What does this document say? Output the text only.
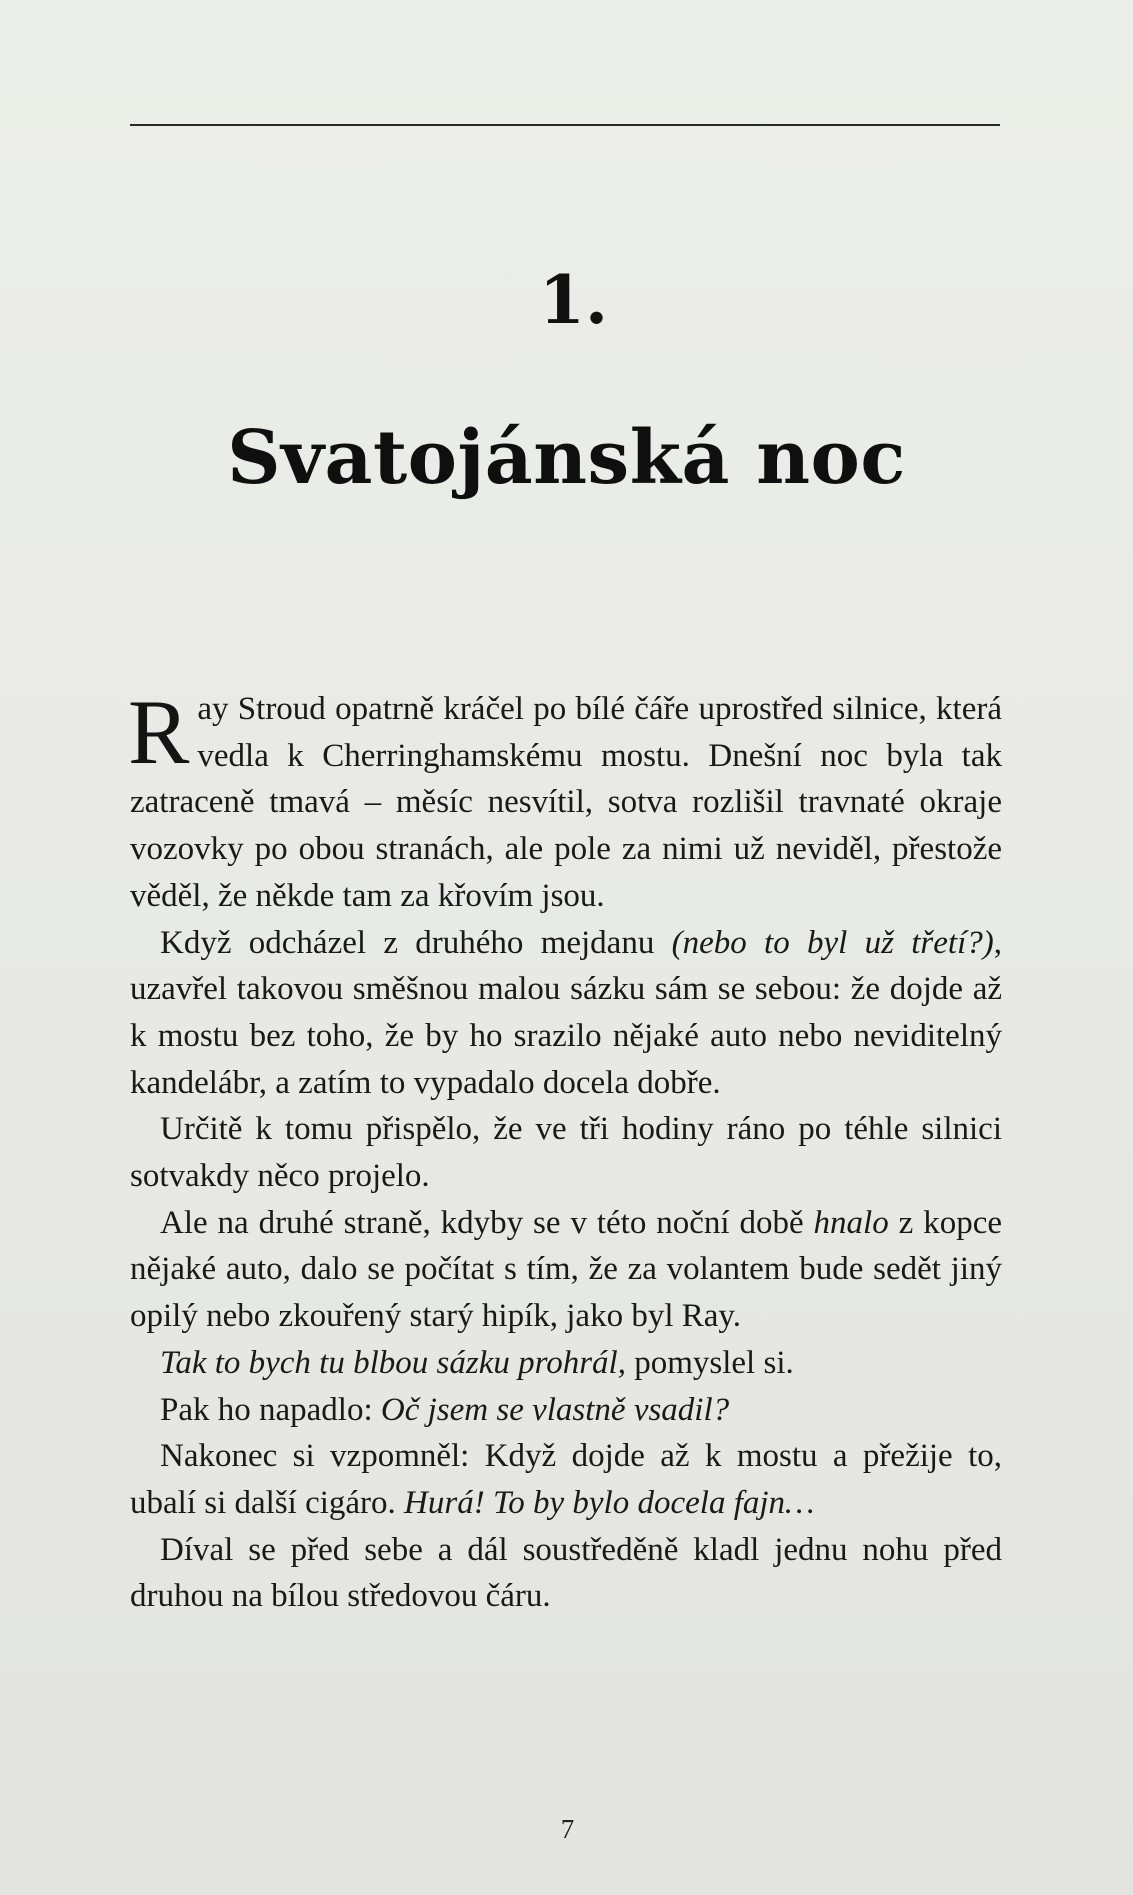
1.
Svatojánská noc

Ray Stroud opatrně kráčel po bílé čáře uprostřed silnice, která vedla k Cherringhamskému mostu. Dnešní noc byla tak zatraceně tmavá – měsíc nesvítil, sotva rozlišil travnaté okraje vozovky po obou stranách, ale pole za nimi už neviděl, přestože věděl, že někde tam za křovím jsou.

Když odcházel z druhého mejdanu (nebo to byl už třetí?), uzavřel takovou směšnou malou sázku sám se sebou: že dojde až k mostu bez toho, že by ho srazilo nějaké auto nebo neviditelný kandelábr, a zatím to vypadalo docela dobře.

Určitě k tomu přispělo, že ve tři hodiny ráno po téhle silnici sotvakdy něco projelo.

Ale na druhé straně, kdyby se v této noční době hnalo z kopce nějaké auto, dalo se počítat s tím, že za volantem bude sedět jiný opilý nebo zkouřený starý hipík, jako byl Ray.

Tak to bych tu blbou sázku prohrál, pomyslel si.

Pak ho napadlo: Oč jsem se vlastně vsadil?

Nakonec si vzpomněl: Když dojde až k mostu a přežije to, ubalí si další cigáro. Hurá! To by bylo docela fajn…

Díval se před sebe a dál soustředěně kladl jednu nohu před druhou na bílou středovou čáru.

7
